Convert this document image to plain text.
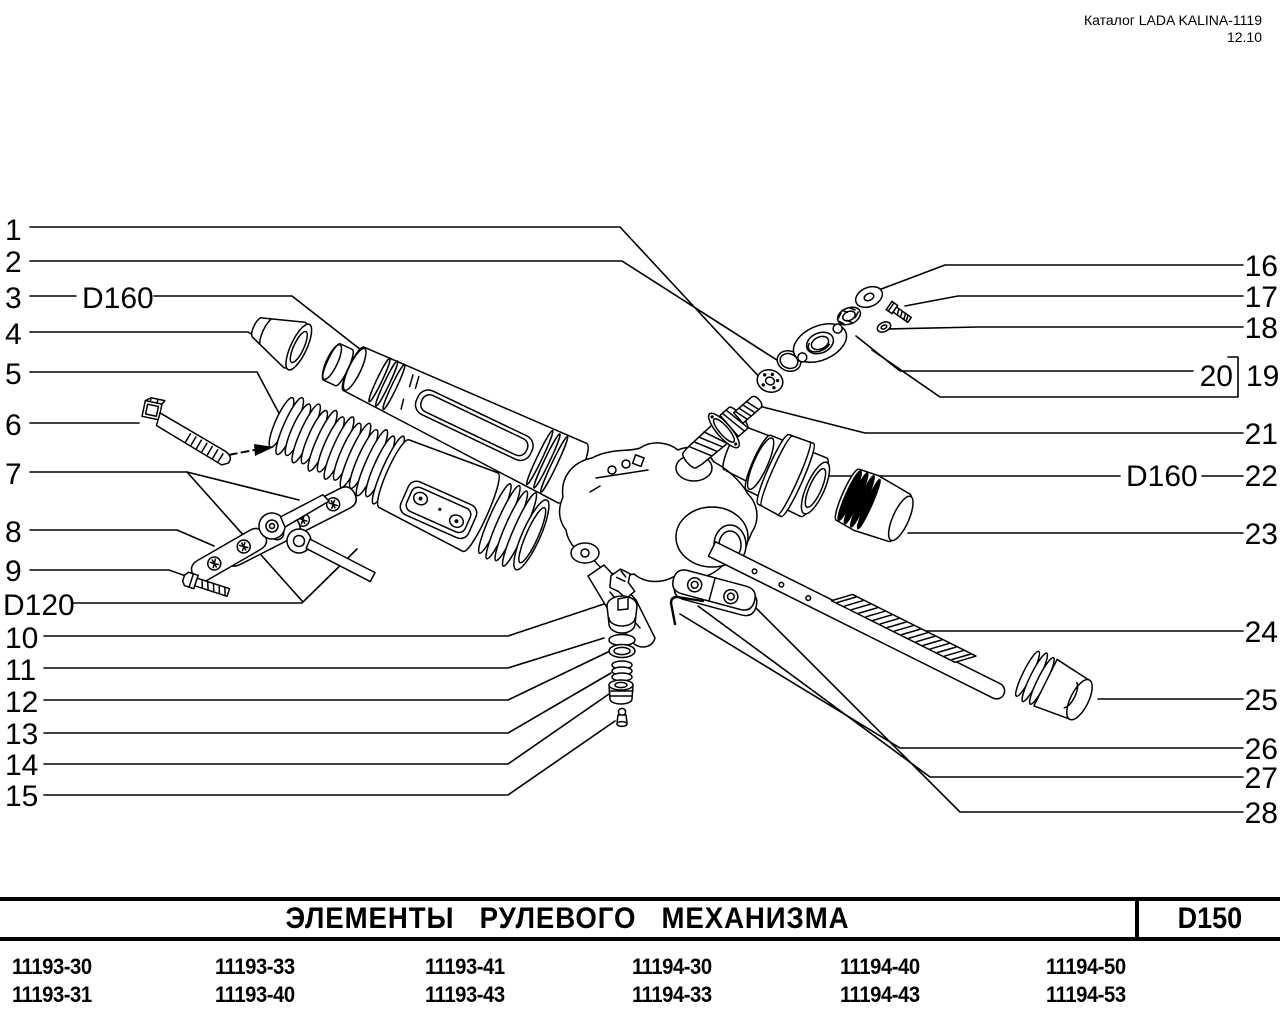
Каталог LADA KALINA-1119
12.10
1
2
3 D160
4
5
6
7
8
9
D120
10
11
12
13
14
15
16
17
18
20 19
21
D160 22
23
24
25
26
27
28
ЭЛЕМЕНТЫ РУЛЕВОГО МЕХАНИЗМА	D150
11193-30	11193-33	11193-41	11194-30	11194-40	11194-50
11193-31	11193-40	11193-43	11194-33	11194-43	11194-53
